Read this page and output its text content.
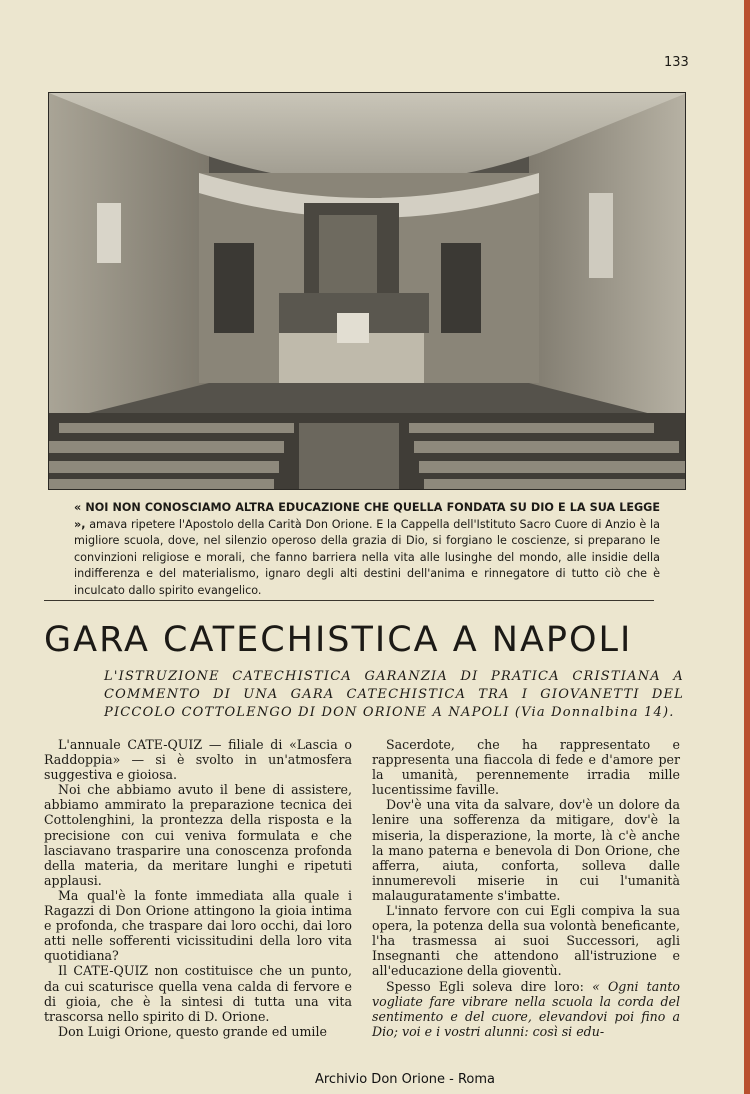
133
« NOI NON CONOSCIAMO ALTRA EDUCAZIONE CHE QUELLA FONDATA SU DIO E LA SUA LEGGE », amava ripetere l'Apostolo della Carità Don Orione. E la Cappella dell'Istituto Sacro Cuore di Anzio è la migliore scuola, dove, nel silenzio operoso della grazia di Dio, si forgiano le coscienze, si preparano le convinzioni religiose e morali, che fanno barriera nella vita alle lusinghe del mondo, alle insidie della indifferenza e del materialismo, ignaro degli alti destini dell'anima e rinnegatore di tutto ciò che è inculcato dallo spirito evangelico.
GARA CATECHISTICA A NAPOLI
L'ISTRUZIONE CATECHISTICA GARANZIA DI PRATICA CRISTIANA A COMMENTO DI UNA GARA CATECHISTICA TRA I GIOVANETTI DEL PICCOLO COTTOLENGO DI DON ORIONE A NAPOLI (Via Donnalbina 14).

L'annuale CATE-QUIZ — filiale di «Lascia o Raddoppia» — si è svolto in un'atmosfera suggestiva e gioiosa.

Noi che abbiamo avuto il bene di assistere, abbiamo ammirato la preparazione tecnica dei Cottolenghini, la prontezza della risposta e la precisione con cui veniva formulata e che lasciavano trasparire una conoscenza profonda della materia, da meritare lunghi e ripetuti applausi.

Ma qual'è la fonte immediata alla quale i Ragazzi di Don Orione attingono la gioia intima e profonda, che traspare dai loro occhi, dai loro atti nelle sofferenti vicissitudini della loro vita quotidiana?

Il CATE-QUIZ non costituisce che un punto, da cui scaturisce quella vena calda di fervore e di gioia, che è la sintesi di tutta una vita trascorsa nello spirito di D. Orione.

Don Luigi Orione, questo grande ed umile

Sacerdote, che ha rappresentato e rappresenta una fiaccola di fede e d'amore per la umanità, perennemente irradia mille lucentissime faville.

Dov'è una vita da salvare, dov'è un dolore da lenire una sofferenza da mitigare, dov'è la miseria, la disperazione, la morte, là c'è anche la mano paterna e benevola di Don Orione, che afferra, aiuta, conforta, solleva dalle innumerevoli miserie in cui l'umanità malauguratamente s'imbatte.

L'innato fervore con cui Egli compiva la sua opera, la potenza della sua volontà beneficante, l'ha trasmessa ai suoi Successori, agli Insegnanti che attendono all'istruzione e all'educazione della gioventù.

Spesso Egli soleva dire loro: « Ogni tanto vogliate fare vibrare nella scuola la corda del sentimento e del cuore, elevandovi poi fino a Dio; voi e i vostri alunni: così si edu-

Archivio Don Orione - Roma
